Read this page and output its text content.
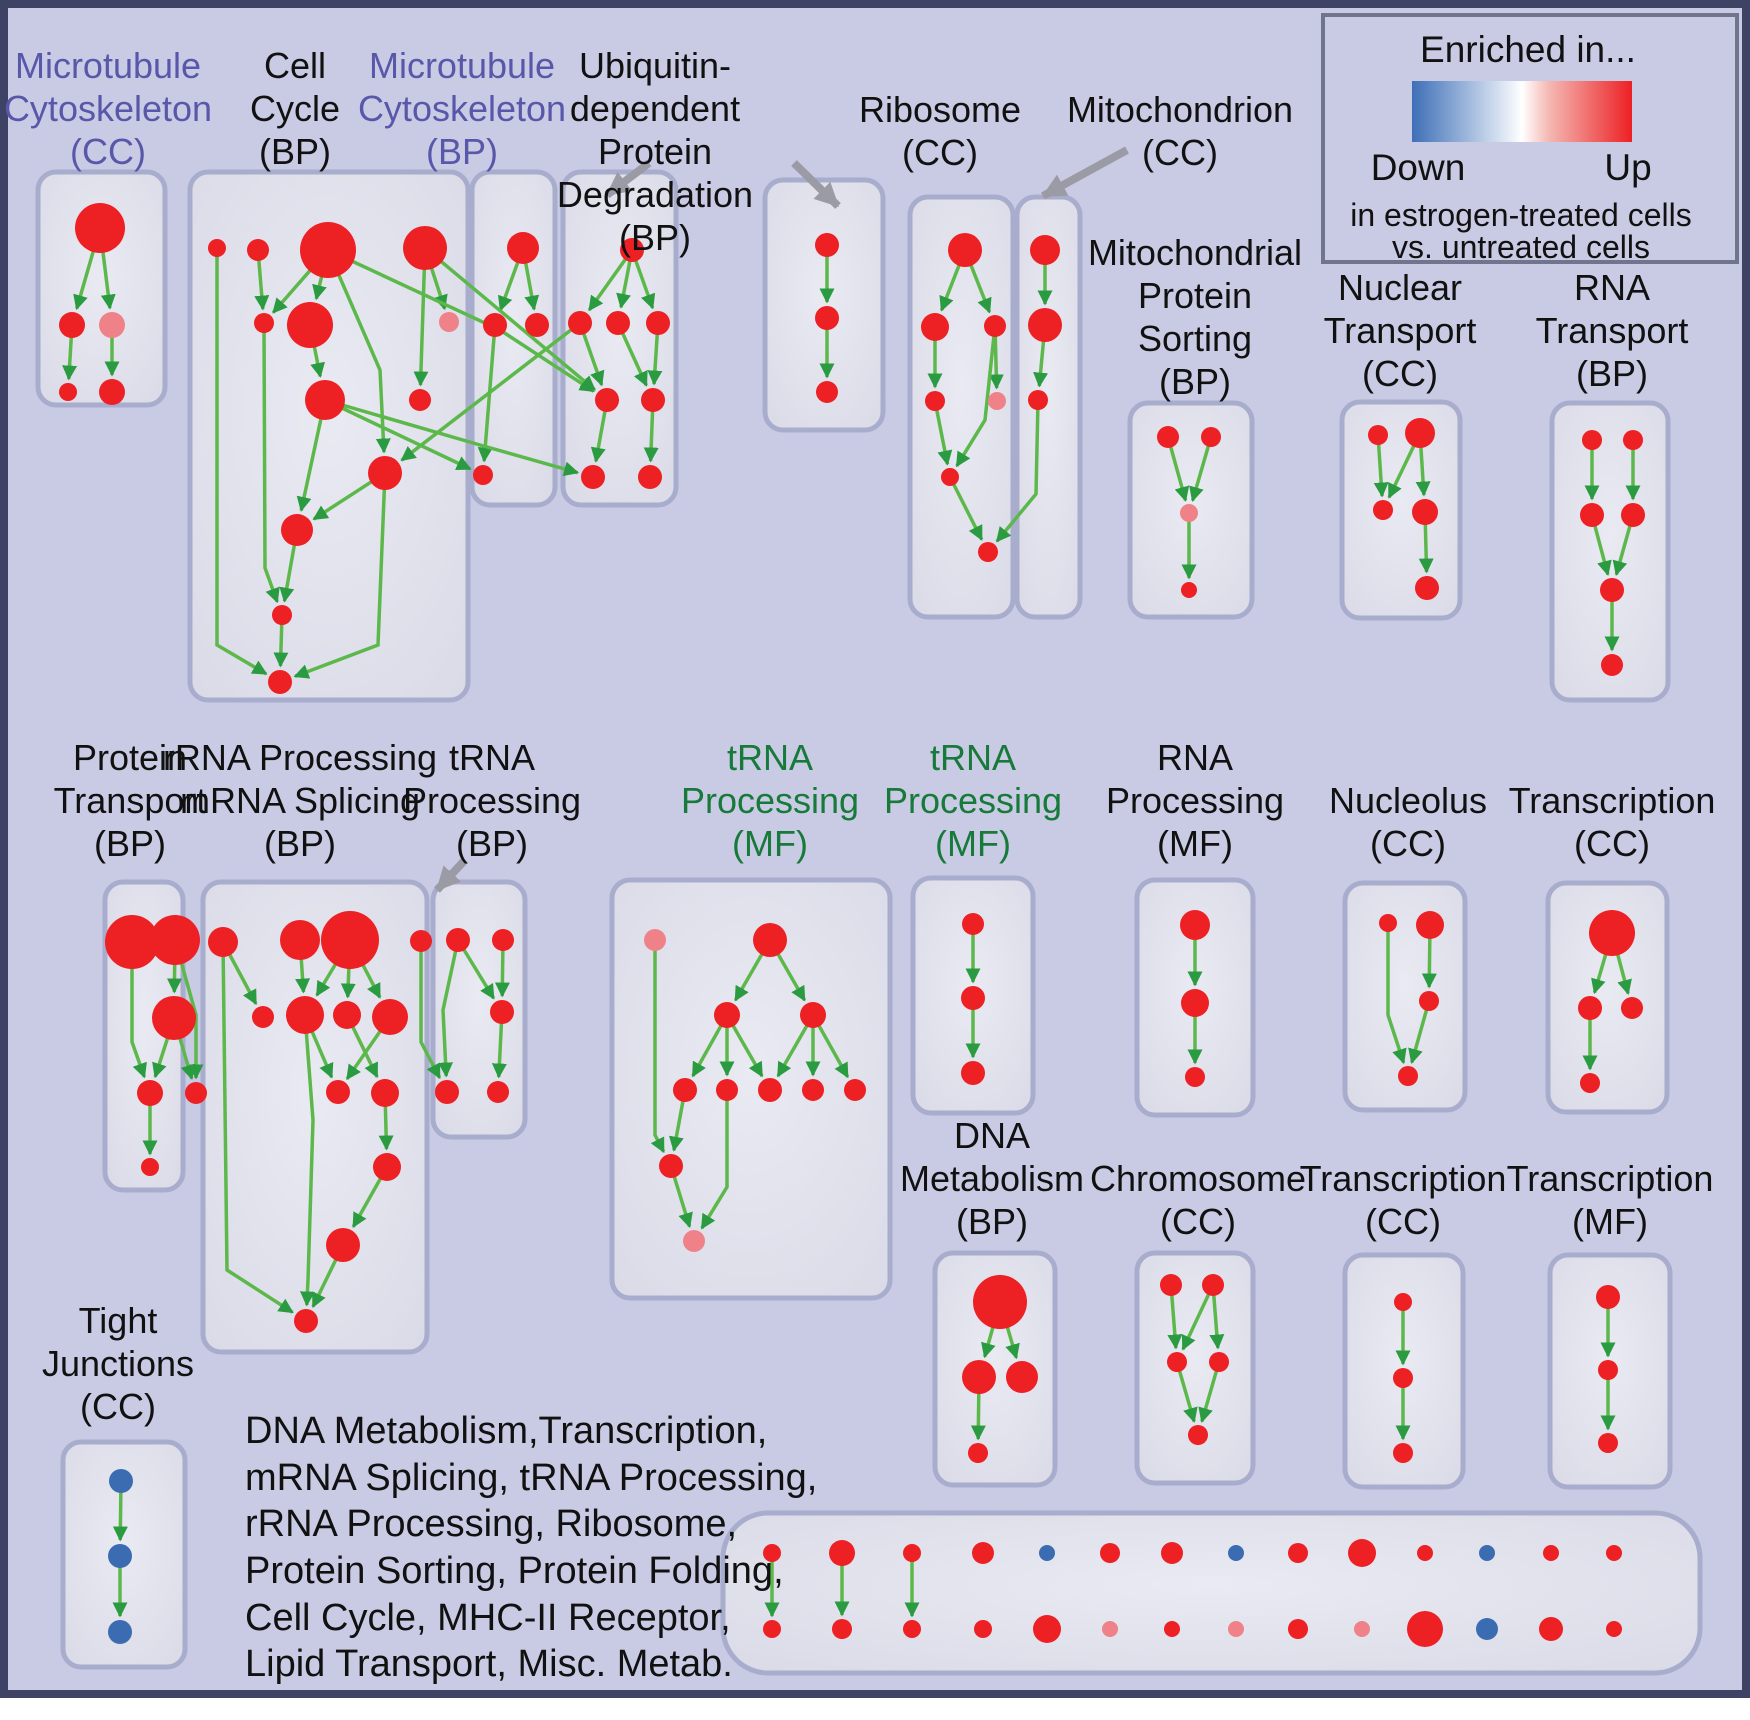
Microtubule
Cytoskeleton
(CC)
Cell
Cycle
(BP)
Microtubule
Cytoskeleton
(BP)
Ribosome
(CC)
Mitochondrion
(CC)
Mitochondrial
Protein
Sorting
(BP)
Nuclear
Transport
(CC)
RNA
Transport
(BP)
Protein
Transport
(BP)
rRNA Processing
mRNA Splicing
(BP)
tRNA
Processing
(BP)
tRNA
Processing
(MF)
tRNA
Processing
(MF)
RNA
Processing
(MF)
Nucleolus
(CC)
Transcription
(CC)
DNA
Metabolism
(BP)
Chromosome
(CC)
Transcription
(CC)
Transcription
(MF)
Tight
Junctions
(CC)
Ubiquitin-
dependent
Protein
Degradation
(BP)
DNA Metabolism,Transcription,
mRNA Splicing, tRNA Processing,
rRNA Processing, Ribosome,
Protein Sorting, Protein Folding,
Cell Cycle, MHC-II Receptor,
Lipid Transport, Misc. Metab.
Enriched in...
Down	Up
in estrogen-treated cells
vs. untreated cells
